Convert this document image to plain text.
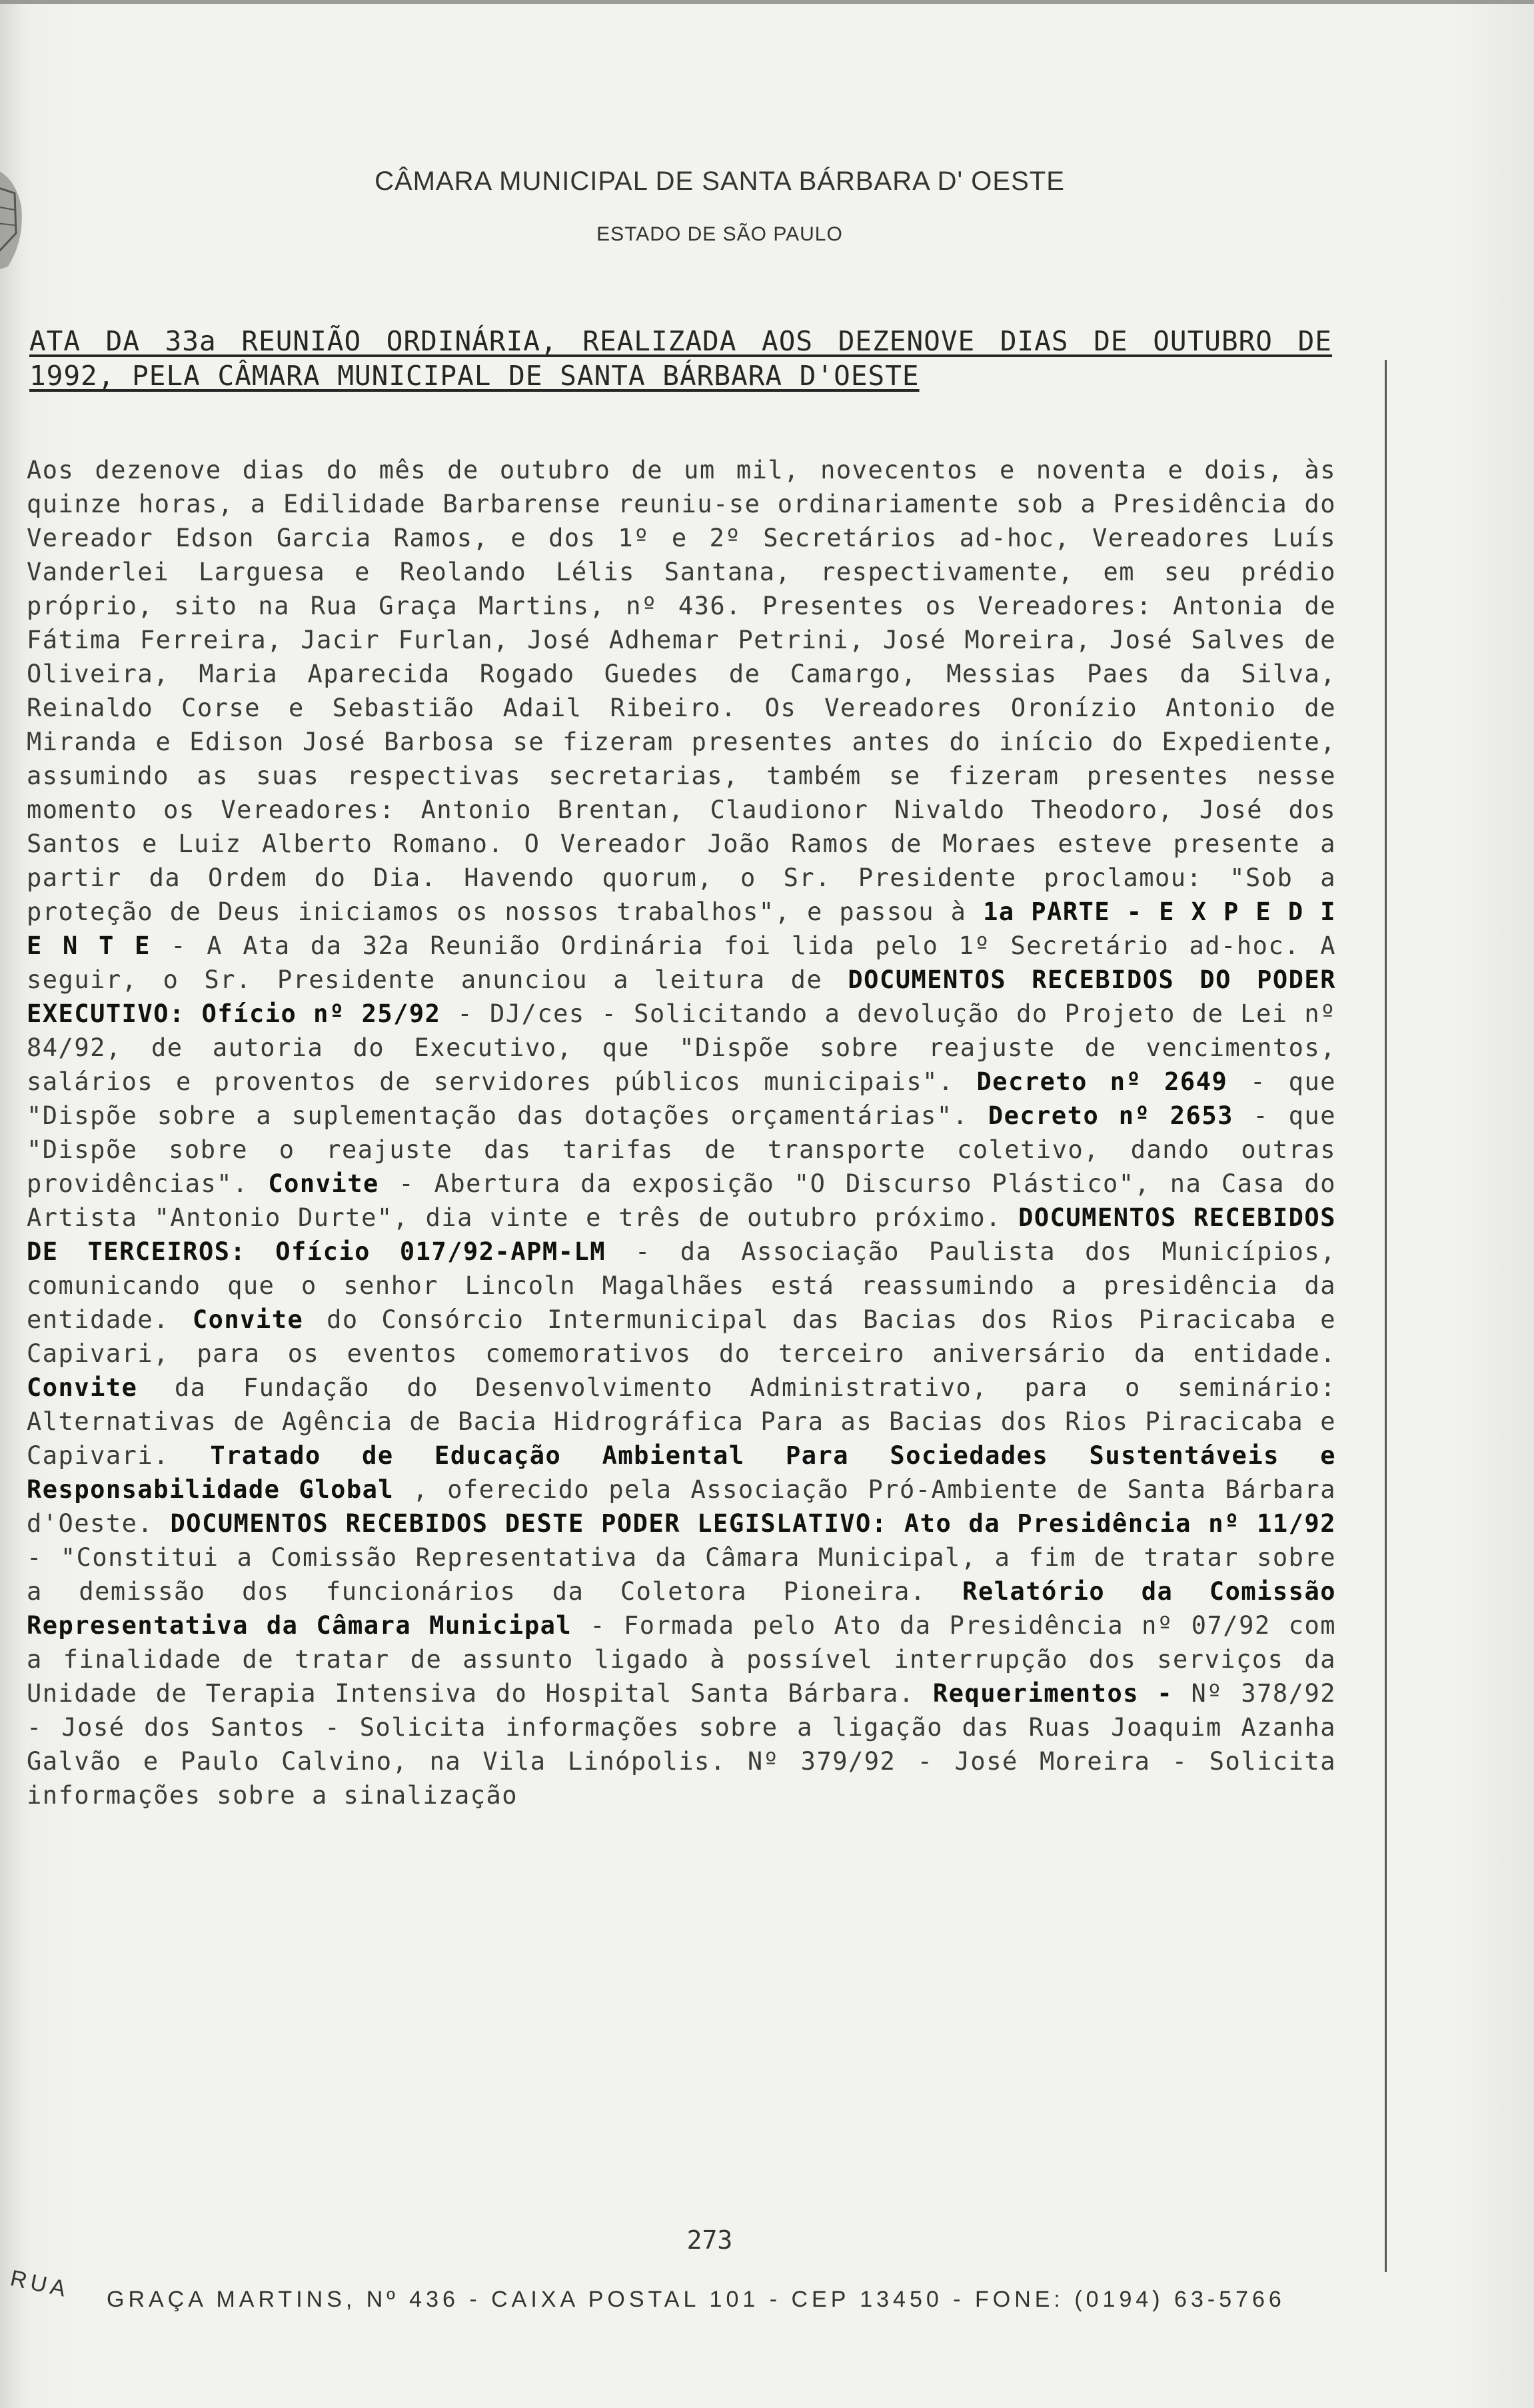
CÂMARA MUNICIPAL DE SANTA BÁRBARA D' OESTE
ESTADO DE SÃO PAULO
ATA DA 33a REUNIÃO ORDINÁRIA, REALIZADA AOS DEZENOVE DIAS DE OUTUBRO DE 1992, PELA CÂMARA MUNICIPAL DE SANTA BÁRBARA D'OESTE
Aos dezenove dias do mês de outubro de um mil, novecentos e noventa e dois, às quinze horas, a Edilidade Barbarense reuniu-se ordinariamente sob a Presidência do Vereador Edson Garcia Ramos, e dos 1º e 2º Secretários ad-hoc, Vereadores Luís Vanderlei Larguesa e Reolando Lélis Santana, respectivamente, em seu prédio próprio, sito na Rua Graça Martins, nº 436. Presentes os Vereadores: Antonia de Fátima Ferreira, Jacir Furlan, José Adhemar Petrini, José Moreira, José Salves de Oliveira, Maria Aparecida Rogado Guedes de Camargo, Messias Paes da Silva, Reinaldo Corse e Sebastião Adail Ribeiro. Os Vereadores Oronízio Antonio de Miranda e Edison José Barbosa se fizeram presentes antes do início do Expediente, assumindo as suas respectivas secretarias, também se fizeram presentes nesse momento os Vereadores: Antonio Brentan, Claudionor Nivaldo Theodoro, José dos Santos e Luiz Alberto Romano. O Vereador João Ramos de Moraes esteve presente a partir da Ordem do Dia. Havendo quorum, o Sr. Presidente proclamou: "Sob a proteção de Deus iniciamos os nossos trabalhos", e passou à 1a PARTE - E X P E D I E N T E - A Ata da 32a Reunião Ordinária foi lida pelo 1º Secretário ad-hoc. A seguir, o Sr. Presidente anunciou a leitura de DOCUMENTOS RECEBIDOS DO PODER EXECUTIVO: Ofício nº 25/92 - DJ/ces - Solicitando a devolução do Projeto de Lei nº 84/92, de autoria do Executivo, que "Dispõe sobre reajuste de vencimentos, salários e proventos de servidores públicos municipais". Decreto nº 2649 - que "Dispõe sobre a suplementação das dotações orçamentárias". Decreto nº 2653 - que "Dispõe sobre o reajuste das tarifas de transporte coletivo, dando outras providências". Convite - Abertura da exposição "O Discurso Plástico", na Casa do Artista "Antonio Durte", dia vinte e três de outubro próximo. DOCUMENTOS RECEBIDOS DE TERCEIROS: Ofício 017/92-APM-LM - da Associação Paulista dos Municípios, comunicando que o senhor Lincoln Magalhães está reassumindo a presidência da entidade. Convite do Consórcio Intermunicipal das Bacias dos Rios Piracicaba e Capivari, para os eventos comemorativos do terceiro aniversário da entidade. Convite da Fundação do Desenvolvimento Administrativo, para o seminário: Alternativas de Agência de Bacia Hidrográfica Para as Bacias dos Rios Piracicaba e Capivari. Tratado de Educação Ambiental Para Sociedades Sustentáveis e Responsabilidade Global , oferecido pela Associação Pró-Ambiente de Santa Bárbara d'Oeste. DOCUMENTOS RECEBIDOS DESTE PODER LEGISLATIVO: Ato da Presidência nº 11/92 - "Constitui a Comissão Representativa da Câmara Municipal, a fim de tratar sobre a demissão dos funcionários da Coletora Pioneira. Relatório da Comissão Representativa da Câmara Municipal - Formada pelo Ato da Presidência nº 07/92 com a finalidade de tratar de assunto ligado à possível interrupção dos serviços da Unidade de Terapia Intensiva do Hospital Santa Bárbara. Requerimentos - Nº 378/92 - José dos Santos - Solicita informações sobre a ligação das Ruas Joaquim Azanha Galvão e Paulo Calvino, na Vila Linópolis. Nº 379/92 - José Moreira - Solicita informações sobre a sinalização
273
RUA GRAÇA MARTINS, Nº 436 - CAIXA POSTAL 101 - CEP 13450 - FONE: (0194) 63-5766
